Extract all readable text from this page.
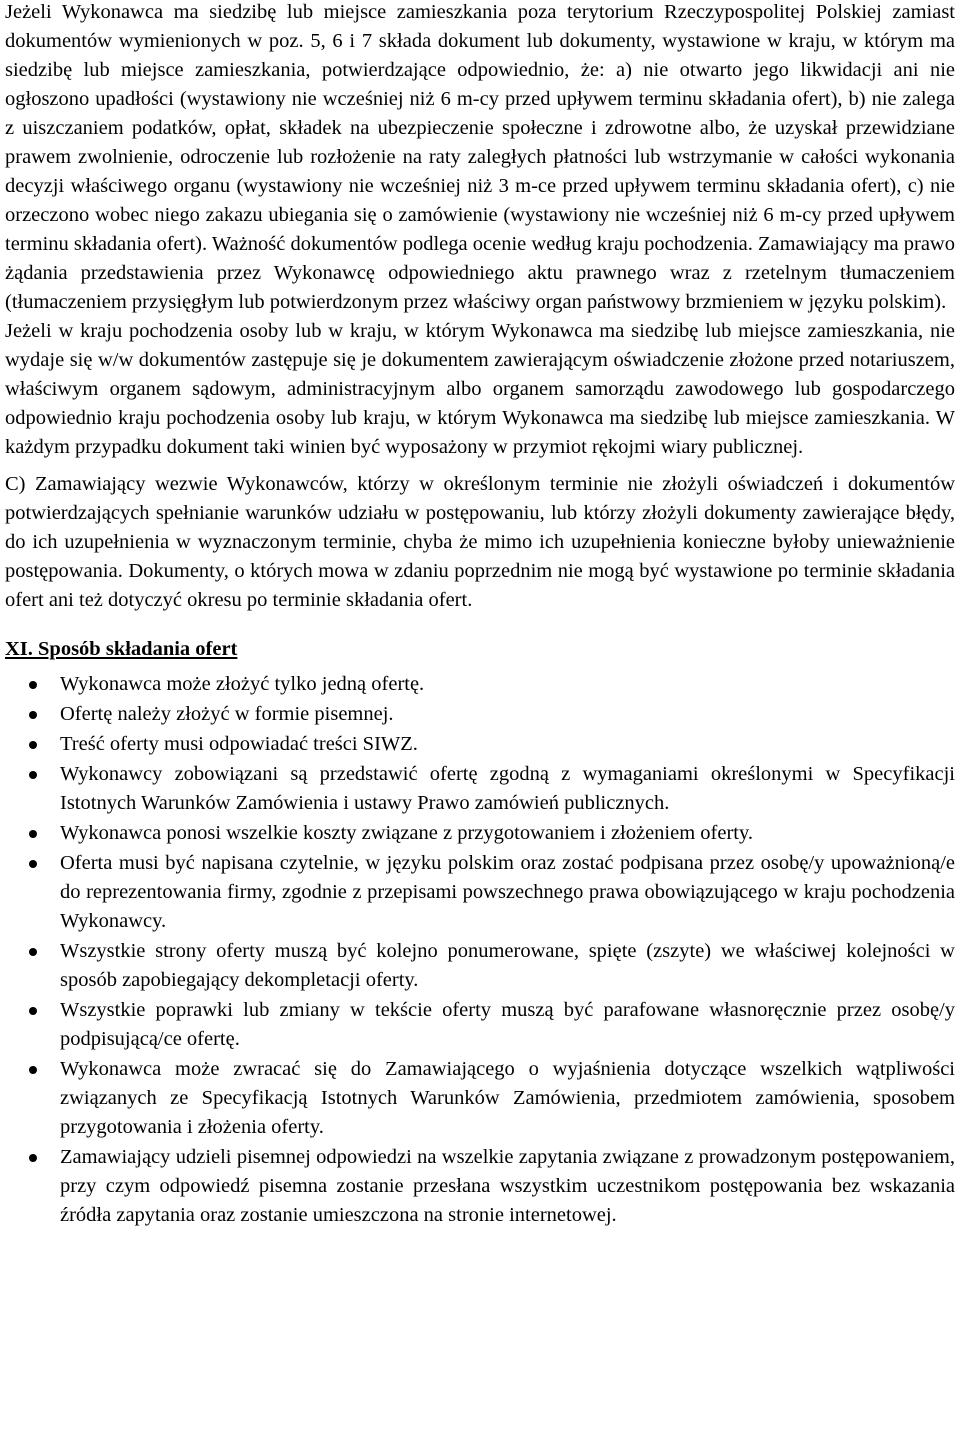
Jeżeli Wykonawca ma siedzibę lub miejsce zamieszkania poza terytorium Rzeczypospolitej Polskiej zamiast dokumentów wymienionych w poz. 5, 6 i 7 składa dokument lub dokumenty, wystawione w kraju, w którym ma siedzibę lub miejsce zamieszkania, potwierdzające odpowiednio, że: a) nie otwarto jego likwidacji ani nie ogłoszono upadłości (wystawiony nie wcześniej niż 6 m-cy przed upływem terminu składania ofert), b) nie zalega z uiszczaniem podatków, opłat, składek na ubezpieczenie społeczne i zdrowotne albo, że uzyskał przewidziane prawem zwolnienie, odroczenie lub rozłożenie na raty zaległych płatności lub wstrzymanie w całości wykonania decyzji właściwego organu (wystawiony nie wcześniej niż 3 m-ce przed upływem terminu składania ofert), c) nie orzeczono wobec niego zakazu ubiegania się o zamówienie (wystawiony nie wcześniej niż 6 m-cy przed upływem terminu składania ofert). Ważność dokumentów podlega ocenie według kraju pochodzenia. Zamawiający ma prawo żądania przedstawienia przez Wykonawcę odpowiedniego aktu prawnego wraz z rzetelnym tłumaczeniem (tłumaczeniem przysięgłym lub potwierdzonym przez właściwy organ państwowy brzmieniem w języku polskim).

Jeżeli w kraju pochodzenia osoby lub w kraju, w którym Wykonawca ma siedzibę lub miejsce zamieszkania, nie wydaje się w/w dokumentów zastępuje się je dokumentem zawierającym oświadczenie złożone przed notariuszem, właściwym organem sądowym, administracyjnym albo organem samorządu zawodowego lub gospodarczego odpowiednio kraju pochodzenia osoby lub kraju, w którym Wykonawca ma siedzibę lub miejsce zamieszkania. W każdym przypadku dokument taki winien być wyposażony w przymiot rękojmi wiary publicznej.

C) Zamawiający wezwie Wykonawców, którzy w określonym terminie nie złożyli oświadczeń i dokumentów potwierdzających spełnianie warunków udziału w postępowaniu, lub którzy złożyli dokumenty zawierające błędy, do ich uzupełnienia w wyznaczonym terminie, chyba że mimo ich uzupełnienia konieczne byłoby unieważnienie postępowania. Dokumenty, o których mowa w zdaniu poprzednim nie mogą być wystawione po terminie składania ofert ani też dotyczyć okresu po terminie składania ofert.

XI. Sposób składania ofert

Wykonawca może złożyć tylko jedną ofertę.
Ofertę należy złożyć w formie pisemnej.
Treść oferty musi odpowiadać treści SIWZ.
Wykonawcy zobowiązani są przedstawić ofertę zgodną z wymaganiami określonymi w Specyfikacji Istotnych Warunków Zamówienia i ustawy Prawo zamówień publicznych.
Wykonawca ponosi wszelkie koszty związane z przygotowaniem i złożeniem oferty.
Oferta musi być napisana czytelnie, w języku polskim oraz zostać podpisana przez osobę/y upoważnioną/e do reprezentowania firmy, zgodnie z przepisami powszechnego prawa obowiązującego w kraju pochodzenia Wykonawcy.
Wszystkie strony oferty muszą być kolejno ponumerowane, spięte (zszyte) we właściwej kolejności w sposób zapobiegający dekompletacji oferty.
Wszystkie poprawki lub zmiany w tekście oferty muszą być parafowane własnoręcznie przez osobę/y podpisującą/ce ofertę.
Wykonawca może zwracać się do Zamawiającego o wyjaśnienia dotyczące wszelkich wątpliwości związanych ze Specyfikacją Istotnych Warunków Zamówienia, przedmiotem zamówienia, sposobem przygotowania i złożenia oferty.
Zamawiający udzieli pisemnej odpowiedzi na wszelkie zapytania związane z prowadzonym postępowaniem, przy czym odpowiedź pisemna zostanie przesłana wszystkim uczestnikom postępowania bez wskazania źródła zapytania oraz zostanie umieszczona na stronie internetowej.
